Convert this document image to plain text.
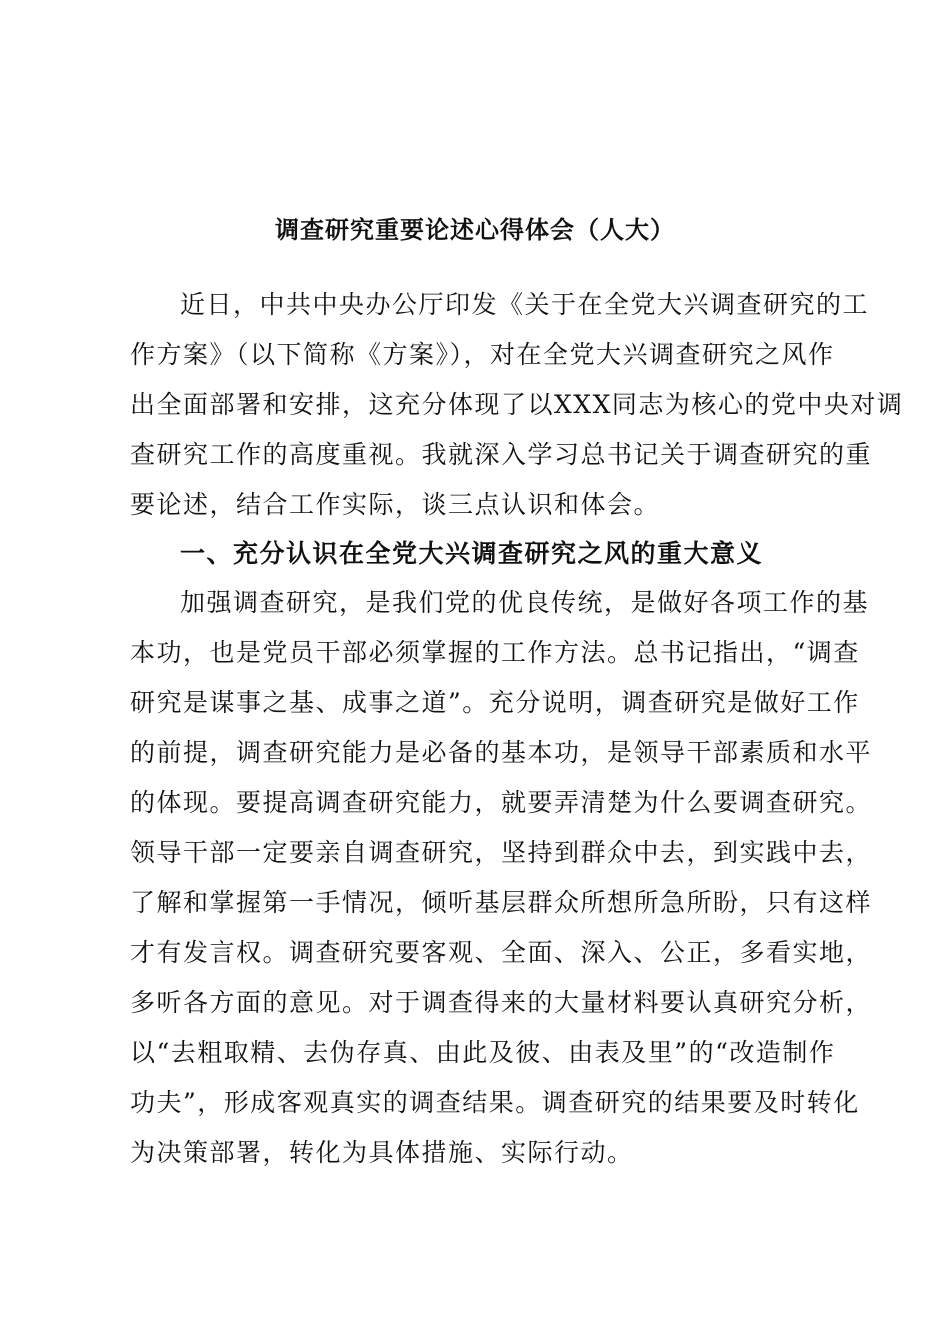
调查研究重要论述心得体会（人大）
近日，中共中央办公厅印发《关于在全党大兴调查研究的工
作方案》（以下简称《方案》），对在全党大兴调查研究之风作
出全面部署和安排，这充分体现了以XXX同志为核心的党中央对调
查研究工作的高度重视。我就深入学习总书记关于调查研究的重
要论述，结合工作实际，谈三点认识和体会。
一、充分认识在全党大兴调查研究之风的重大意义
加强调查研究，是我们党的优良传统，是做好各项工作的基
本功，也是党员干部必须掌握的工作方法。总书记指出，“调查
研究是谋事之基、成事之道”。充分说明，调查研究是做好工作
的前提，调查研究能力是必备的基本功，是领导干部素质和水平
的体现。要提高调查研究能力，就要弄清楚为什么要调查研究。
领导干部一定要亲自调查研究，坚持到群众中去，到实践中去，
了解和掌握第一手情况，倾听基层群众所想所急所盼，只有这样
才有发言权。调查研究要客观、全面、深入、公正，多看实地，
多听各方面的意见。对于调查得来的大量材料要认真研究分析，
以“去粗取精、去伪存真、由此及彼、由表及里”的“改造制作
功夫”，形成客观真实的调查结果。调查研究的结果要及时转化
为决策部署，转化为具体措施、实际行动。
